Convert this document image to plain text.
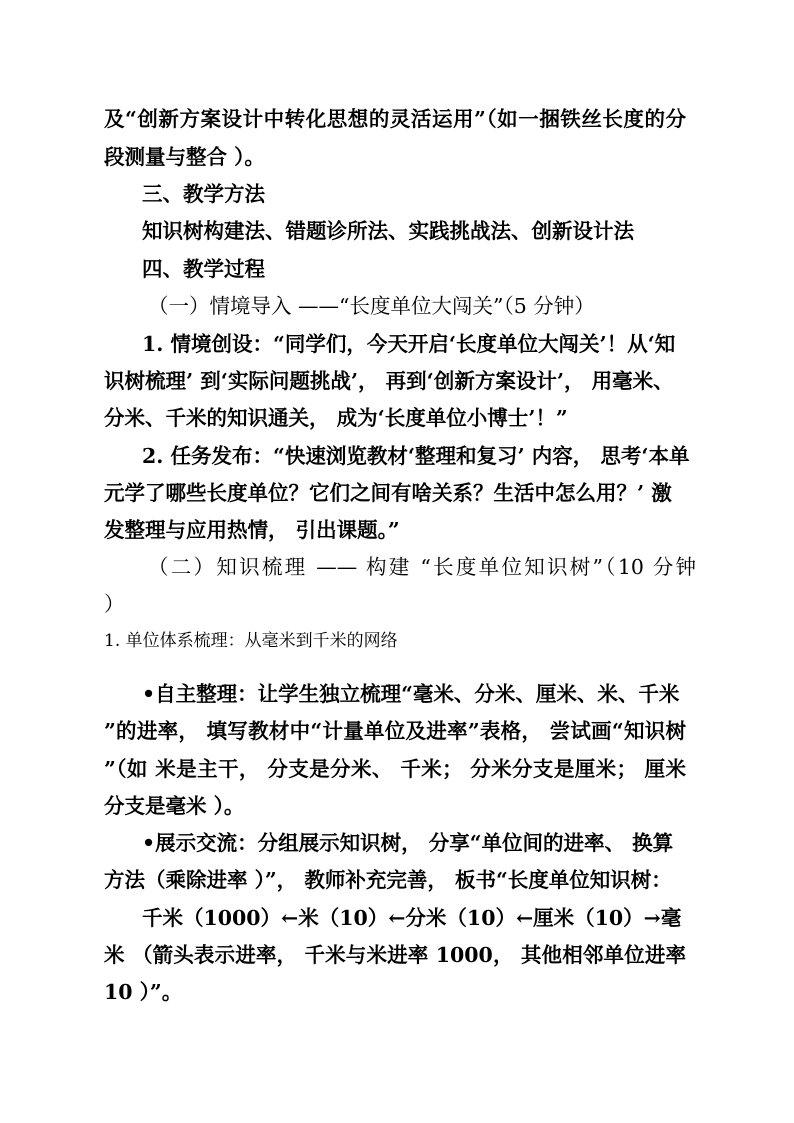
及“创新方案设计中转化思想的灵活运用”（如一捆铁丝长度的分
段测量与整合 ）。
三、教学方法
知识树构建法、错题诊所法、实践挑战法、创新设计法
四、教学过程
（一）情境导入 ——“长度单位大闯关”（5 分钟）
1. 情境创设：“同学们，今天开启‘长度单位大闯关’！从‘知
识树梳理’ 到‘实际问题挑战’， 再到‘创新方案设计’， 用毫米、
分米、千米的知识通关， 成为‘长度单位小博士’！”
2. 任务发布：“快速浏览教材‘整理和复习’ 内容， 思考‘本单
元学了哪些长度单位？它们之间有啥关系？生活中怎么用？’ 激
发整理与应用热情， 引出课题。”
（二）知识梳理 —— 构建 “长度单位知识树”（10 分钟
）
1. 单位体系梳理：从毫米到千米的网络
•自主整理：让学生独立梳理“毫米、分米、厘米、米、千米
”的进率， 填写教材中“计量单位及进率”表格， 尝试画“知识树
”（如 米是主干， 分支是分米、 千米； 分米分支是厘米； 厘米
分支是毫米 ）。
•展示交流：分组展示知识树， 分享“单位间的进率、 换算
方法（乘除进率 ）”， 教师补充完善， 板书“长度单位知识树：
千米（1000）←米（10）←分米（10）←厘米（10）→毫
米 （箭头表示进率， 千米与米进率 1000， 其他相邻单位进率
10 ）”。
